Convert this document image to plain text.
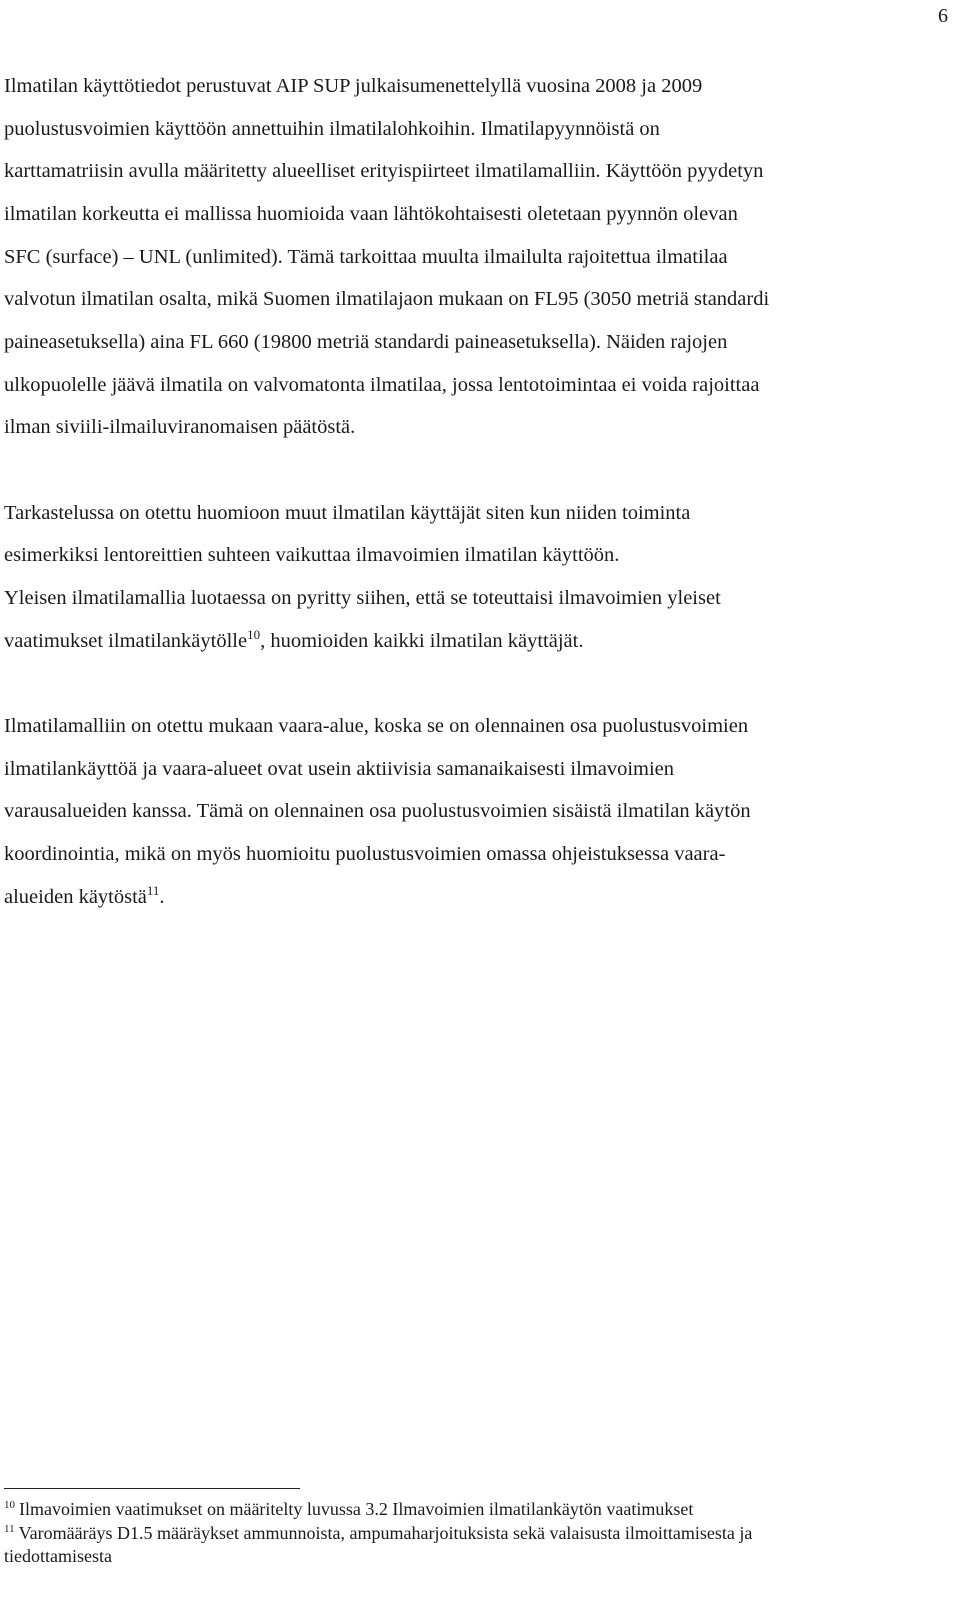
6
Ilmatilan käyttötiedot perustuvat AIP SUP julkaisumenettelyllä vuosina 2008 ja 2009
puolustusvoimien käyttöön annettuihin ilmatilalohkoihin. Ilmatilapyynnöistä on
karttamatriisin avulla määritetty alueelliset erityispiirteet ilmatilamalliin. Käyttöön pyydetyn
ilmatilan korkeutta ei mallissa huomioida vaan lähtökohtaisesti oletetaan pyynnön olevan
SFC (surface) – UNL (unlimited). Tämä tarkoittaa muulta ilmailulta rajoitettua ilmatilaa
valvotun ilmatilan osalta, mikä Suomen ilmatilajaon mukaan on FL95 (3050 metriä standardi
paineasetuksella) aina FL 660 (19800 metriä standardi paineasetuksella). Näiden rajojen
ulkopuolelle jäävä ilmatila on valvomatonta ilmatilaa, jossa lentotoimintaa ei voida rajoittaa
ilman siviili-ilmailuviranomaisen päätöstä.
Tarkastelussa on otettu huomioon muut ilmatilan käyttäjät siten kun niiden toiminta
esimerkiksi lentoreittien suhteen vaikuttaa ilmavoimien ilmatilan käyttöön.
Yleisen ilmatilamallia luotaessa on pyritty siihen, että se toteuttaisi ilmavoimien yleiset
vaatimukset ilmatilankäytölle$^{10}$, huomioiden kaikki ilmatilan käyttäjät.
Ilmatilamalliin on otettu mukaan vaara-alue, koska se on olennainen osa puolustusvoimien
ilmatilankäyttöä ja vaara-alueet ovat usein aktiivisia samanaikaisesti ilmavoimien
varausalueiden kanssa. Tämä on olennainen osa puolustusvoimien sisäistä ilmatilan käytön
koordinointia, mikä on myös huomioitu puolustusvoimien omassa ohjeistuksessa vaara-
alueiden käytöstä$^{11}$.
$^{10}$ Ilmavoimien vaatimukset on määritelty luvussa 3.2 Ilmavoimien ilmatilankäytön vaatimukset
$^{11}$ Varomääräys D1.5 määräykset ammunnoista, ampumaharjoituksista sekä valaisusta ilmoittamisesta ja
tiedottamisesta
